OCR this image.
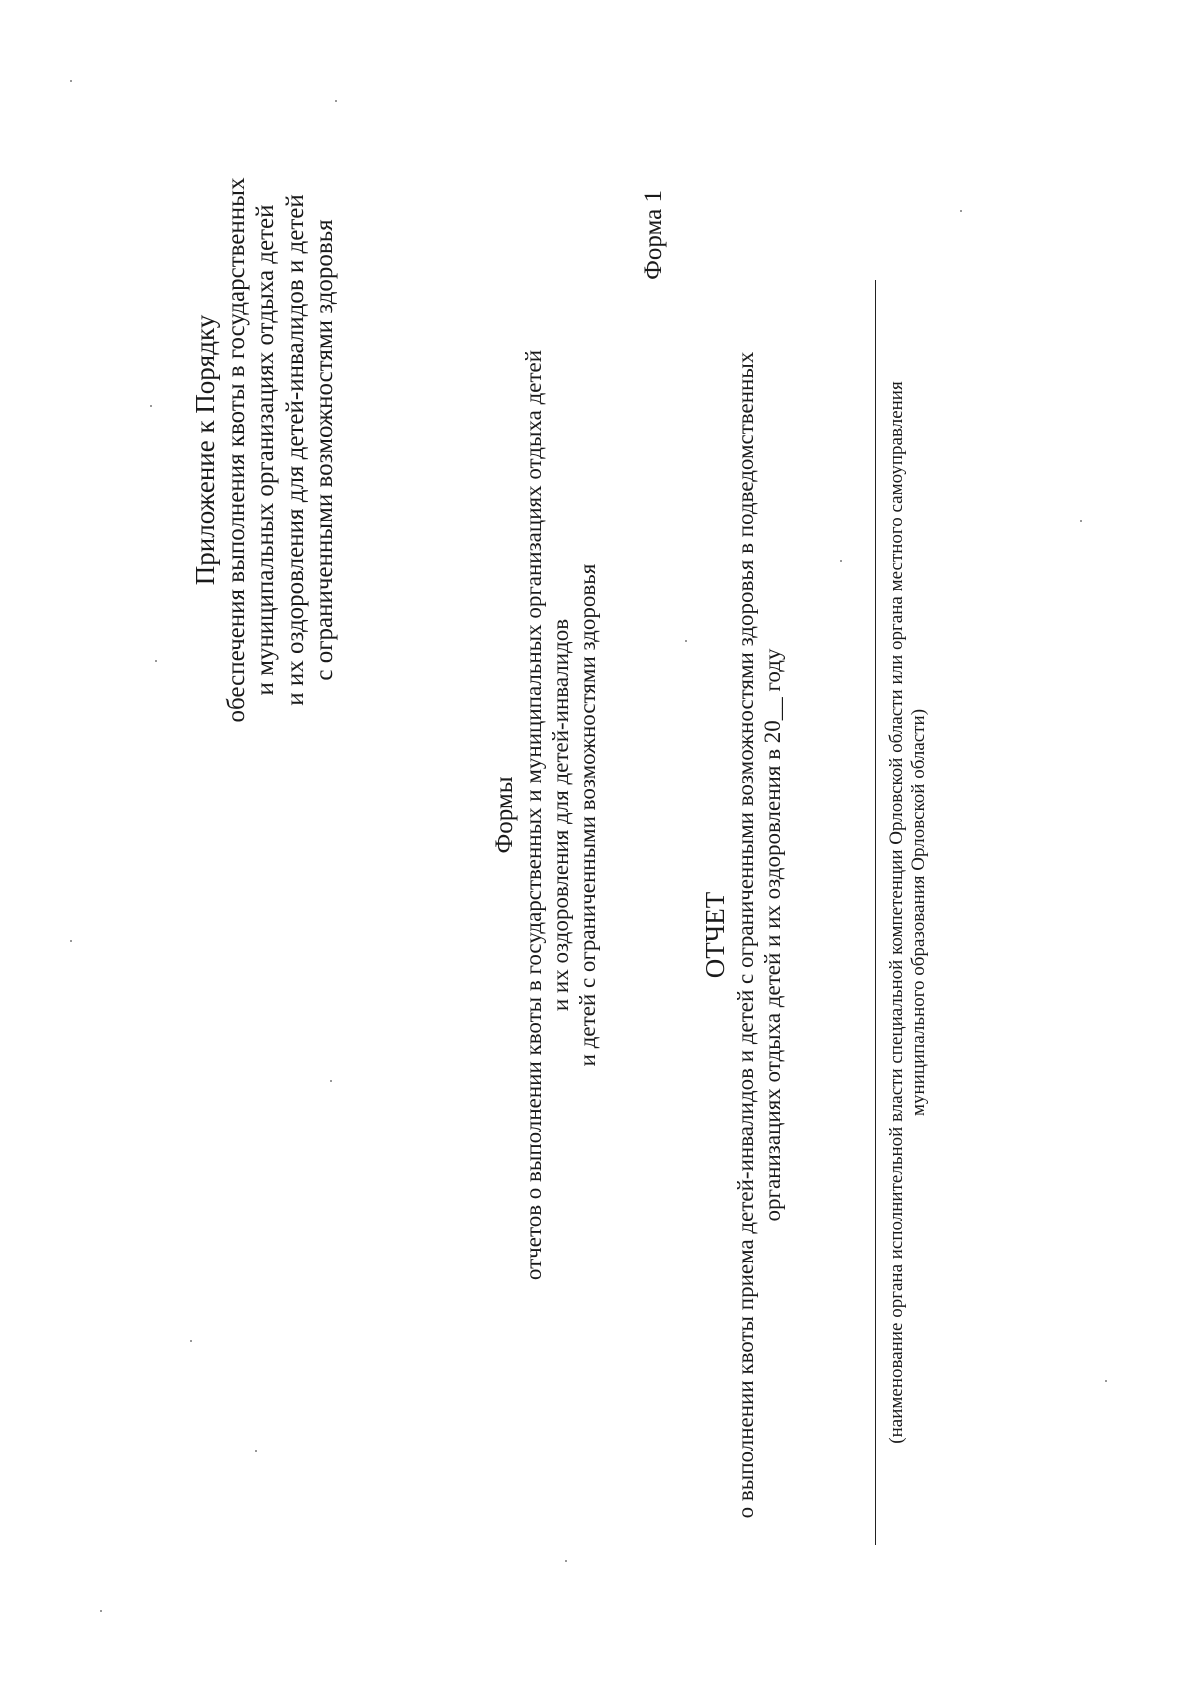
Приложение к Порядку обеспечения выполнения квоты в государственных и муниципальных организациях отдыха детей и их оздоровления для детей-инвалидов и детей с ограниченными возможностями здоровья
Формы отчетов о выполнении квоты в государственных и муниципальных организациях отдыха детей и их оздоровления для детей-инвалидов и детей с ограниченными возможностями здоровья
Форма 1
ОТЧЕТ о выполнении квоты приема детей-инвалидов и детей с ограниченными возможностями здоровья в подведомственных организациях отдыха детей и их оздоровления в 20__ году	(наименование органа исполнительной власти специальной компетенции Орловской области или органа местного самоуправления муниципального образования Орловской области)
